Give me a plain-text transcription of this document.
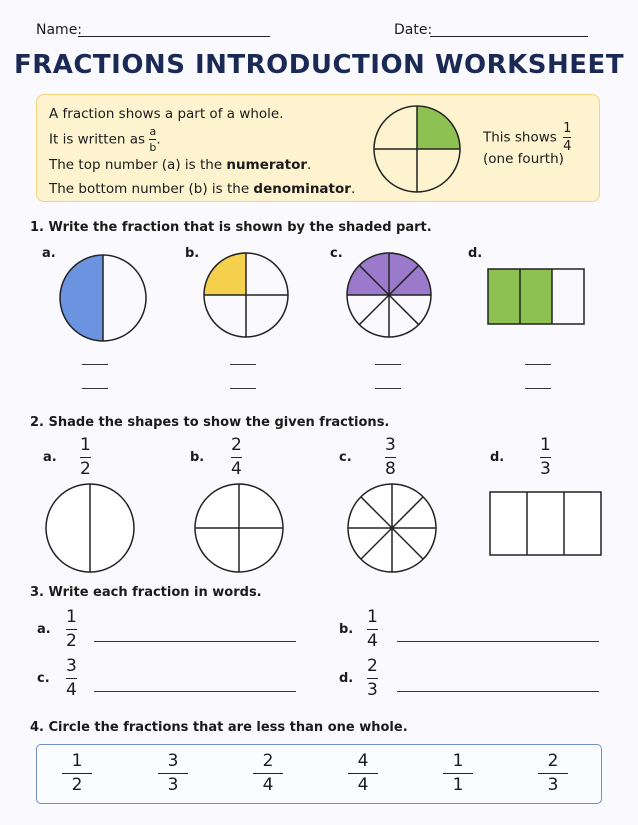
Name:	Date:
FRACTIONS INTRODUCTION WORKSHEET
A fraction shows a part of a whole.
It is written as $\frac{a}{b}$ .
The top number (a) is the numerator.
The bottom number (b) is the denominator.
This shows $\frac{1}{4}$
(one fourth)
1. Write the fraction that is shown by the shaded part.
a.	b.	c.	d.
2. Shade the shapes to show the given fractions.
a.
1
2
b.
2
4
c.
3
8
d.
1
3
3. Write each fraction in words.
a.
1
2
b.
1
4
c.
3
4
d.
2
3
4. Circle the fractions that are less than one whole.
1
2
3
3
2
4
4
4
1
1
2
3
